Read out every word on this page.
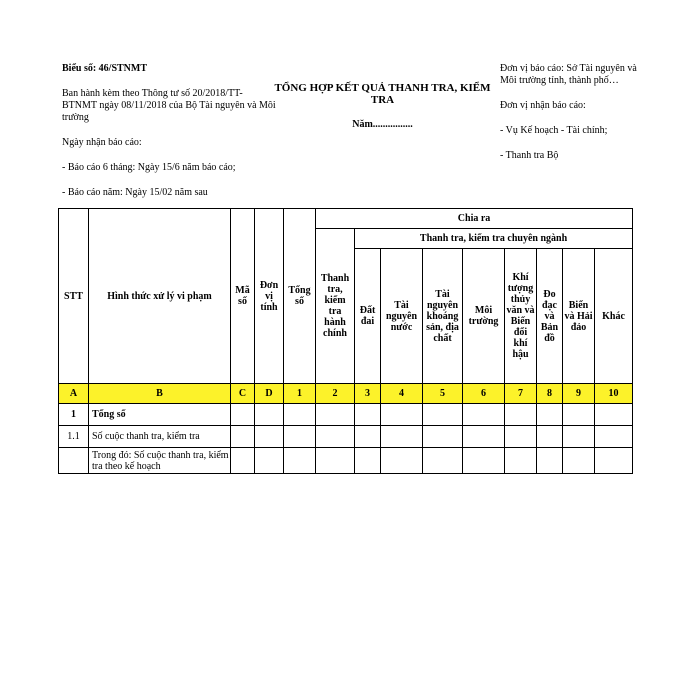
Biểu số: 46/STNMT
Ban hành kèm theo Thông tư số 20/2018/TT-BTNMT ngày 08/11/2018 của Bộ Tài nguyên và Môi trường
Ngày nhận báo cáo:
- Báo cáo 6 tháng: Ngày 15/6 năm báo cáo;
- Báo cáo năm: Ngày 15/02 năm sau
TỔNG HỢP KẾT QUẢ THANH TRA, KIỂM TRA
Năm................
Đơn vị báo cáo: Sở Tài nguyên và Môi trường tỉnh, thành phố…
Đơn vị nhận báo cáo:
- Vụ Kế hoạch - Tài chính;
- Thanh tra Bộ
STT	Hình thức xử lý vi phạm	Mã số	Đơn vị tính	Tổng số	Chia ra								
					Thanh tra, kiểm tra hành chính	Thanh tra, kiểm tra chuyên ngành							
						Đất đai	Tài nguyên nước	Tài nguyên khoáng sản, địa chất	Môi trường	Khí tượng thủy văn và Biến đổi khí hậu	Đo đạc và Bản đồ	Biển và Hải đảo	Khác
A	B	C	D	1	2	3	4	5	6	7	8	9	10
1	Tổng số												
1.1	Số cuộc thanh tra, kiểm tra												
	Trong đó: Số cuộc thanh tra, kiểm tra theo kế hoạch												
